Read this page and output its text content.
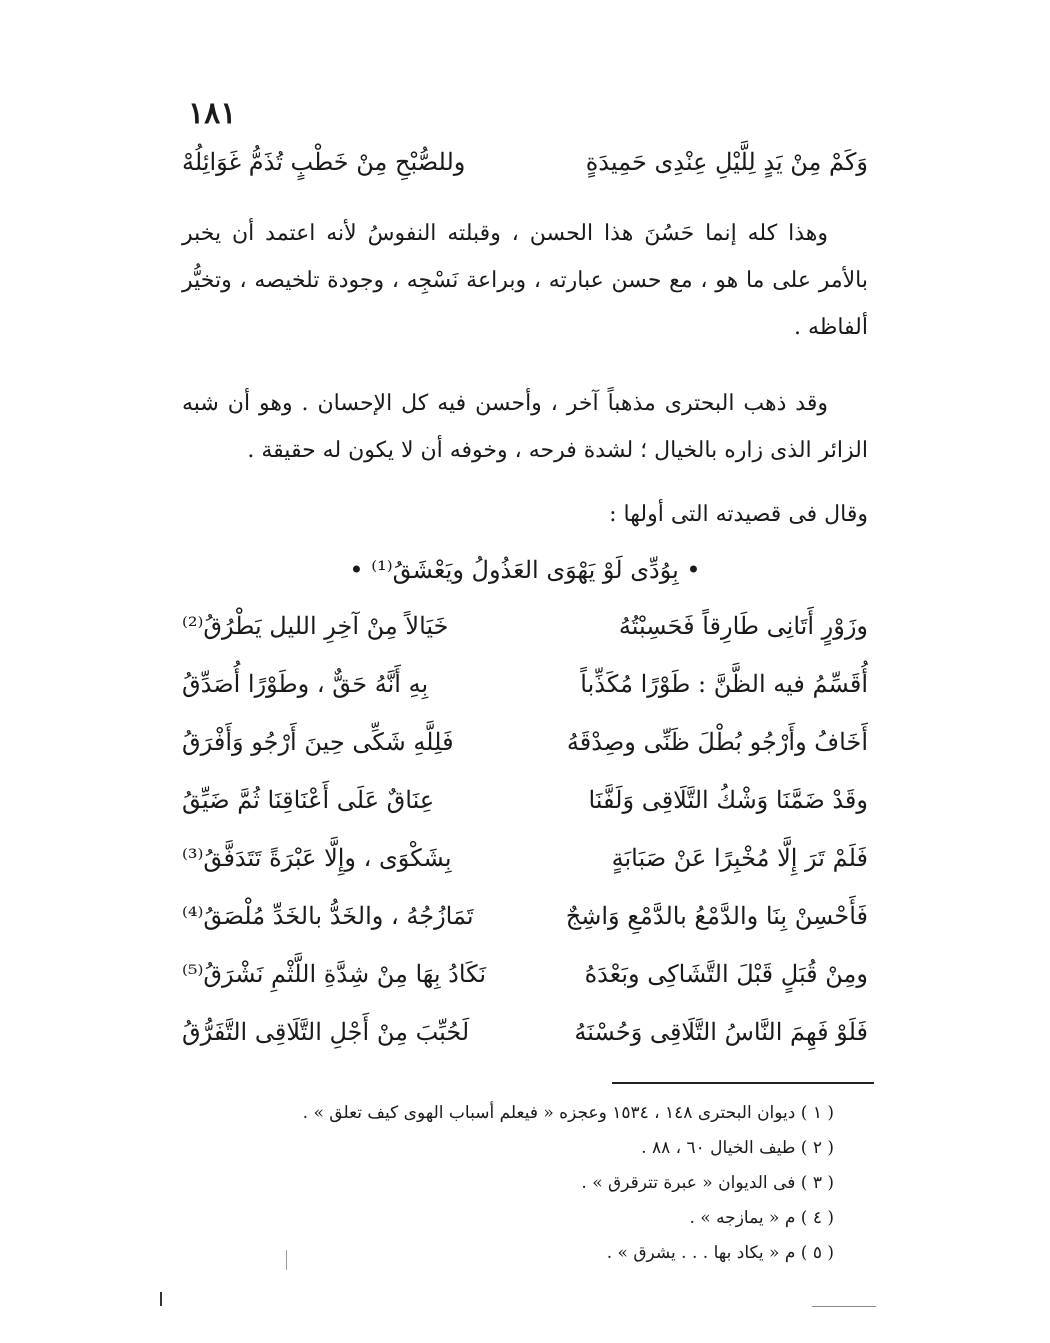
١٨١
وَكَمْ مِنْ يَدٍ لِلَّيْلِ عِنْدِى حَمِيدَةٍ
وللصُّبْحِ مِنْ خَطْبٍ تُذَمُّ غَوَائِلُهْ

وهذا كله إنما حَسُنَ هذا الحسن ، وقبلته النفوسُ لأنه اعتمد أن يخبر بالأمر على ما هو ، مع حسن عبارته ، وبراعة نَسْجِه ، وجودة تلخيصه ، وتخيُّر ألفاظه .

وقد ذهب البحترى مذهباً آخر ، وأحسن فيه كل الإحسان . وهو أن شبه الزائر الذى زاره بالخيال ؛ لشدة فرحه ، وخوفه أن لا يكون له حقيقة .

وقال فى قصيدته التى أولها :
• بِوُدِّى لَوْ يَهْوَى العَذُولُ ويَعْشَقُ⁽¹⁾ •
وزَوْرٍ أَتَانِى طَارِقاً فَحَسِبْتُهُ
خَيَالاً مِنْ آخِرِ الليل يَطْرُقُ⁽²⁾
أُقَسِّمُ فيه الظَّنَّ : طَوْرًا مُكَذِّباً
بِهِ أَنَّهُ حَقٌّ ، وطَوْرًا أُصَدِّقُ
أَخَافُ وأَرْجُو بُطْلَ ظَنِّى وصِدْقَهُ
فَلِلَّهِ شَكِّى حِينَ أَرْجُو وَأَفْرَقُ
وقَدْ ضَمَّنَا وَشْكُ التَّلَاقِى وَلَفَّنَا
عِنَاقٌ عَلَى أَعْنَاقِنَا ثُمَّ ضَيِّقُ
فَلَمْ تَرَ إِلَّا مُخْبِرًا عَنْ صَبَابَةٍ
بِشَكْوَى ، وإِلَّا عَبْرَةً تَتَدَفَّقُ⁽³⁾
فَأَحْسِنْ بِنَا والدَّمْعُ بالدَّمْعِ وَاشِجٌ
تَمَازُجُهُ ، والخَدُّ بالخَدِّ مُلْصَقُ⁽⁴⁾
ومِنْ قُبَلٍ قَبْلَ التَّشَاكِى وبَعْدَهُ
نَكَادُ بِهَا مِنْ شِدَّةِ اللَّثْمِ نَشْرَقُ⁽⁵⁾
فَلَوْ فَهِمَ النَّاسُ التَّلَاقِى وَحُسْنَهُ
لَحُبِّبَ مِنْ أَجْلِ التَّلَاقِى التَّفَرُّقُ
( ١ ) ديوان البحترى ١٤٨ ، ١٥٣٤ وعجزه « فيعلم أسباب الهوى كيف تعلق » .
( ٢ ) طيف الخيال ٦٠ ، ٨٨ .
( ٣ ) فى الديوان « عبرة تترقرق » .
( ٤ ) م « يمازجه » .
( ٥ ) م « يكاد بها . . . يشرق » .
